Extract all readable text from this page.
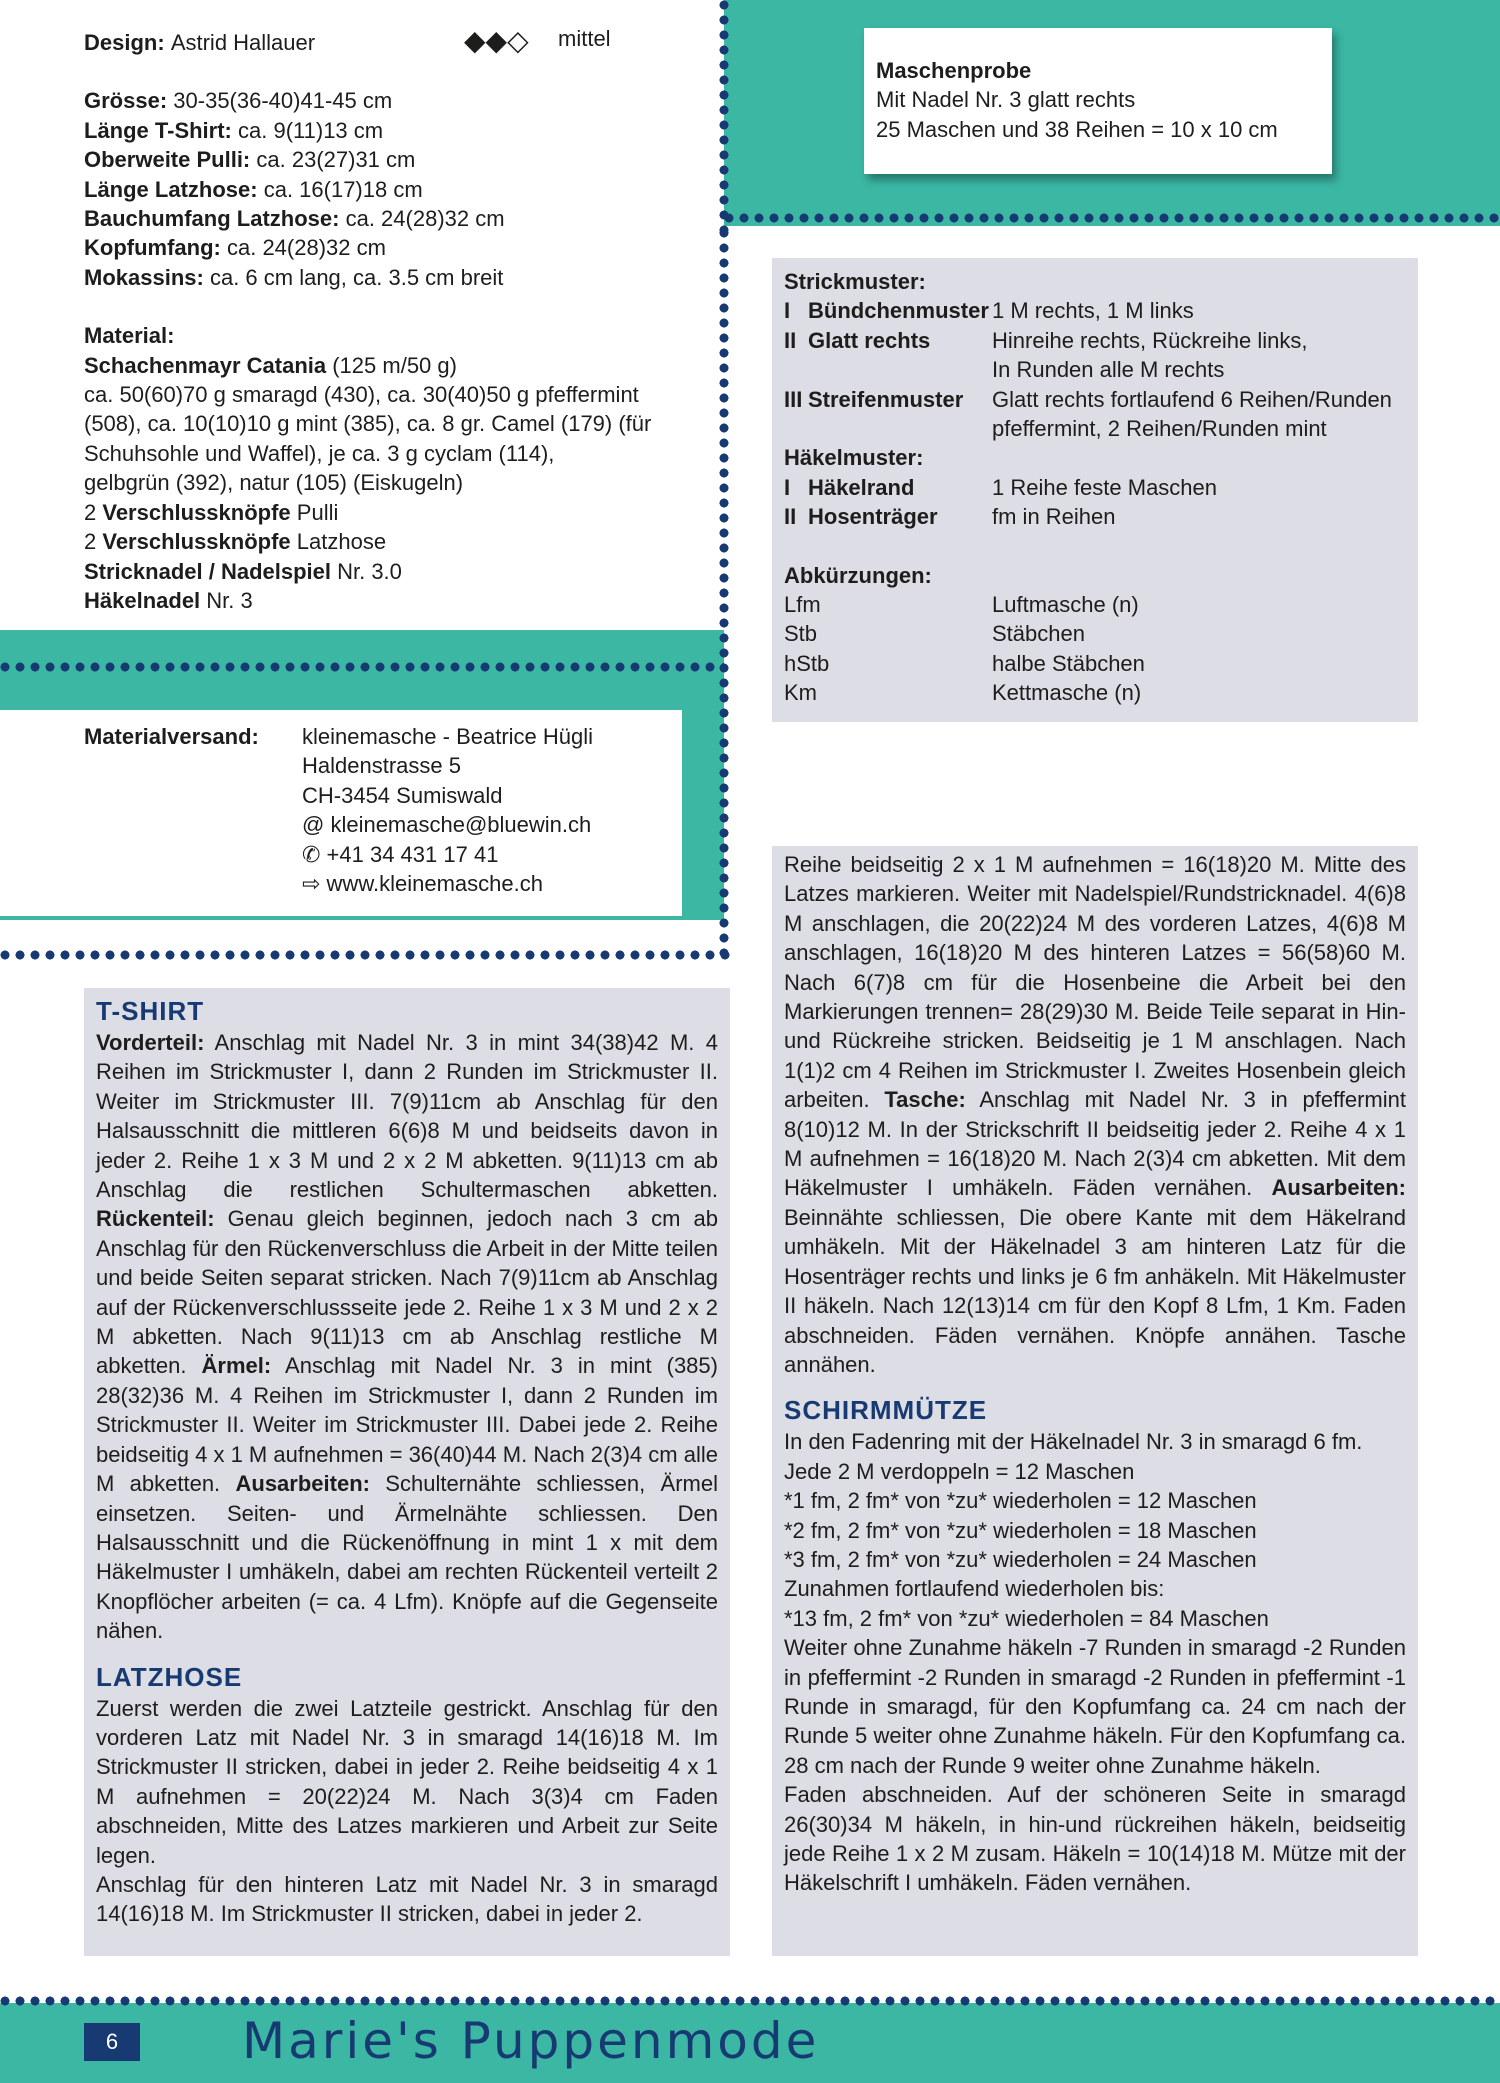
Design:
Astrid Hallauer	◆◆◇ mittel
Grösse: 30-35(36-40)41-45 cm
Länge T-Shirt: ca. 9(11)13 cm
Oberweite Pulli: ca. 23(27)31 cm
Länge Latzhose: ca. 16(17)18 cm
Bauchumfang Latzhose: ca. 24(28)32 cm
Kopfumfang: ca. 24(28)32 cm
Mokassins: ca. 6 cm lang, ca. 3.5 cm breit
Material:
Schachenmayr Catania (125 m/50 g)
ca. 50(60)70 g smaragd (430), ca. 30(40)50 g pfeffermint
(508), ca. 10(10)10 g mint (385), ca. 8 gr. Camel (179) (für
Schuhsohle und Waffel), je ca. 3 g cyclam (114),
gelbgrün (392), natur (105) (Eiskugeln)
2 Verschlussknöpfe Pulli
2 Verschlussknöpfe Latzhose
Stricknadel / Nadelspiel Nr. 3.0
Häkelnadel Nr. 3
Maschenprobe
Mit Nadel Nr. 3 glatt rechts
25 Maschen und 38 Reihen = 10 x 10 cm
Materialversand:	kleinemasche - Beatrice Hügli
Haldenstrasse 5
CH-3454 Sumiswald
@ kleinemasche@bluewin.ch
✆ +41 34 431 17 41
⇨ www.kleinemasche.ch
Strickmuster:
I Bündchenmuster 1 M rechts, 1 M links
II Glatt rechts	Hinreihe rechts, Rückreihe links,
In Runden alle M rechts
III Streifenmuster	Glatt rechts fortlaufend 6 Reihen/Runden
pfeffermint, 2 Reihen/Runden mint
Häkelmuster:
I Häkelrand	1 Reihe feste Maschen
II Hosenträger	fm in Reihen
Abkürzungen:
Lfm	Luftmasche (n)
Stb	Stäbchen
hStb	halbe Stäbchen
Km	Kettmasche (n)
T-SHIRT
Vorderteil: Anschlag mit Nadel Nr. 3 in mint 34(38)42 M. 4 Reihen im Strickmuster I, dann 2 Runden im Strickmuster II. Weiter im Strickmuster III. 7(9)11cm ab Anschlag für den Halsausschnitt die mittleren 6(6)8 M und beidseits davon in jeder 2. Reihe 1 x 3 M und 2 x 2 M abketten. 9(11)13 cm ab Anschlag die restlichen Schultermaschen abketten. Rückenteil: Genau gleich beginnen, jedoch nach 3 cm ab Anschlag für den Rückenverschluss die Arbeit in der Mitte teilen und beide Seiten separat stricken. Nach 7(9)11cm ab Anschlag auf der Rückenverschlussseite jede 2. Reihe 1 x 3 M und 2 x 2 M abketten. Nach 9(11)13 cm ab Anschlag restliche M abketten. Ärmel: Anschlag mit Nadel Nr. 3 in mint (385) 28(32)36 M. 4 Reihen im Strickmuster I, dann 2 Runden im Strickmuster II. Weiter im Strickmuster III. Dabei jede 2. Reihe beidseitig 4 x 1 M aufnehmen = 36(40)44 M. Nach 2(3)4 cm alle M abketten. Ausarbeiten: Schulternähte schliessen, Ärmel einsetzen. Seiten- und Ärmelnähte schliessen. Den Halsausschnitt und die Rückenöffnung in mint 1 x mit dem Häkelmuster I umhäkeln, dabei am rechten Rückenteil verteilt 2 Knopflöcher arbeiten (= ca. 4 Lfm). Knöpfe auf die Gegenseite nähen.
LATZHOSE
Zuerst werden die zwei Latzteile gestrickt. Anschlag für den vorderen Latz mit Nadel Nr. 3 in smaragd 14(16)18 M. Im Strickmuster II stricken, dabei in jeder 2. Reihe beidseitig 4 x 1 M aufnehmen = 20(22)24 M. Nach 3(3)4 cm Faden abschneiden, Mitte des Latzes markieren und Arbeit zur Seite legen.
Anschlag für den hinteren Latz mit Nadel Nr. 3 in smaragd 14(16)18 M. Im Strickmuster II stricken, dabei in jeder 2.
Reihe beidseitig 2 x 1 M aufnehmen = 16(18)20 M. Mitte des Latzes markieren. Weiter mit Nadelspiel/Rundstricknadel. 4(6)8 M anschlagen, die 20(22)24 M des vorderen Latzes, 4(6)8 M anschlagen, 16(18)20 M des hinteren Latzes = 56(58)60 M. Nach 6(7)8 cm für die Hosenbeine die Arbeit bei den Markierungen trennen= 28(29)30 M. Beide Teile separat in Hin- und Rückreihe stricken. Beidseitig je 1 M anschlagen. Nach 1(1)2 cm 4 Reihen im Strickmuster I. Zweites Hosenbein gleich arbeiten. Tasche: Anschlag mit Nadel Nr. 3 in pfeffermint 8(10)12 M. In der Strickschrift II beidseitig jeder 2. Reihe 4 x 1 M aufnehmen = 16(18)20 M. Nach 2(3)4 cm abketten. Mit dem Häkelmuster I umhäkeln. Fäden vernähen. Ausarbeiten: Beinnähte schliessen, Die obere Kante mit dem Häkelrand umhäkeln. Mit der Häkelnadel 3 am hinteren Latz für die Hosenträger rechts und links je 6 fm anhäkeln. Mit Häkelmuster II häkeln. Nach 12(13)14 cm für den Kopf 8 Lfm, 1 Km. Faden abschneiden. Fäden vernähen. Knöpfe annähen. Tasche annähen.
SCHIRMMÜTZE
In den Fadenring mit der Häkelnadel Nr. 3 in smaragd 6 fm.
Jede 2 M verdoppeln = 12 Maschen
*1 fm, 2 fm* von *zu* wiederholen = 12 Maschen
*2 fm, 2 fm* von *zu* wiederholen = 18 Maschen
*3 fm, 2 fm* von *zu* wiederholen = 24 Maschen
Zunahmen fortlaufend wiederholen bis:
*13 fm, 2 fm* von *zu* wiederholen = 84 Maschen
Weiter ohne Zunahme häkeln -7 Runden in smaragd -2 Runden in pfeffermint -2 Runden in smaragd -2 Runden in pfeffermint -1 Runde in smaragd, für den Kopfumfang ca. 24 cm nach der Runde 5 weiter ohne Zunahme häkeln. Für den Kopfumfang ca. 28 cm nach der Runde 9 weiter ohne Zunahme häkeln.
Faden abschneiden. Auf der schöneren Seite in smaragd 26(30)34 M häkeln, in hin-und rückreihen häkeln, beidseitig jede Reihe 1 x 2 M zusam. Häkeln = 10(14)18 M. Mütze mit der Häkelschrift I umhäkeln. Fäden vernähen.
6	Marie's Puppenmode
